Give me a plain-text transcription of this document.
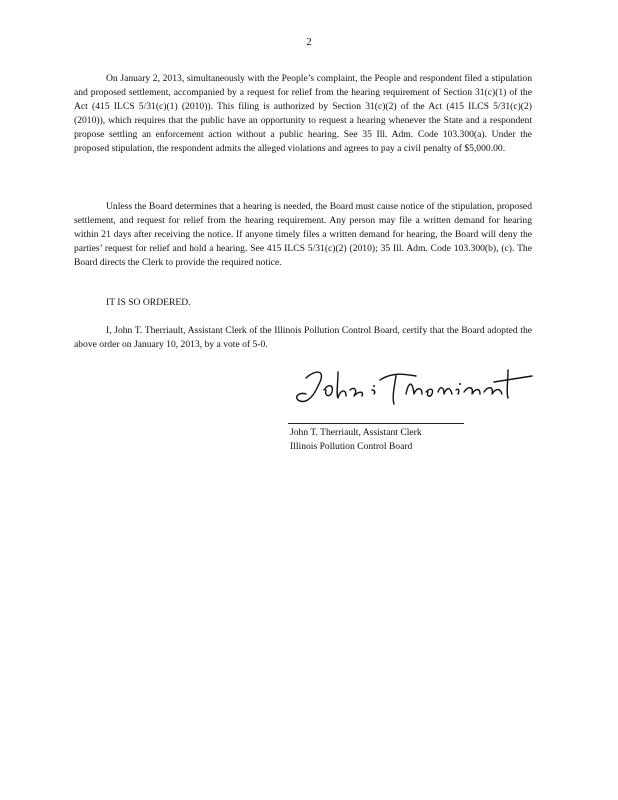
2

On January 2, 2013, simultaneously with the People’s complaint, the People and respondent filed a stipulation and proposed settlement, accompanied by a request for relief from the hearing requirement of Section 31(c)(1) of the Act (415 ILCS 5/31(c)(1) (2010)). This filing is authorized by Section 31(c)(2) of the Act (415 ILCS 5/31(c)(2) (2010)), which requires that the public have an opportunity to request a hearing whenever the State and a respondent propose settling an enforcement action without a public hearing. See 35 Ill. Adm. Code 103.300(a). Under the proposed stipulation, the respondent admits the alleged violations and agrees to pay a civil penalty of $5,000.00.

Unless the Board determines that a hearing is needed, the Board must cause notice of the stipulation, proposed settlement, and request for relief from the hearing requirement. Any person may file a written demand for hearing within 21 days after receiving the notice. If anyone timely files a written demand for hearing, the Board will deny the parties’ request for relief and hold a hearing. See 415 ILCS 5/31(c)(2) (2010); 35 Ill. Adm. Code 103.300(b), (c). The Board directs the Clerk to provide the required notice.

IT IS SO ORDERED.

I, John T. Therriault, Assistant Clerk of the Illinois Pollution Control Board, certify that the Board adopted the above order on January 10, 2013, by a vote of 5-0.

John T. Therriault, Assistant Clerk
Illinois Pollution Control Board
